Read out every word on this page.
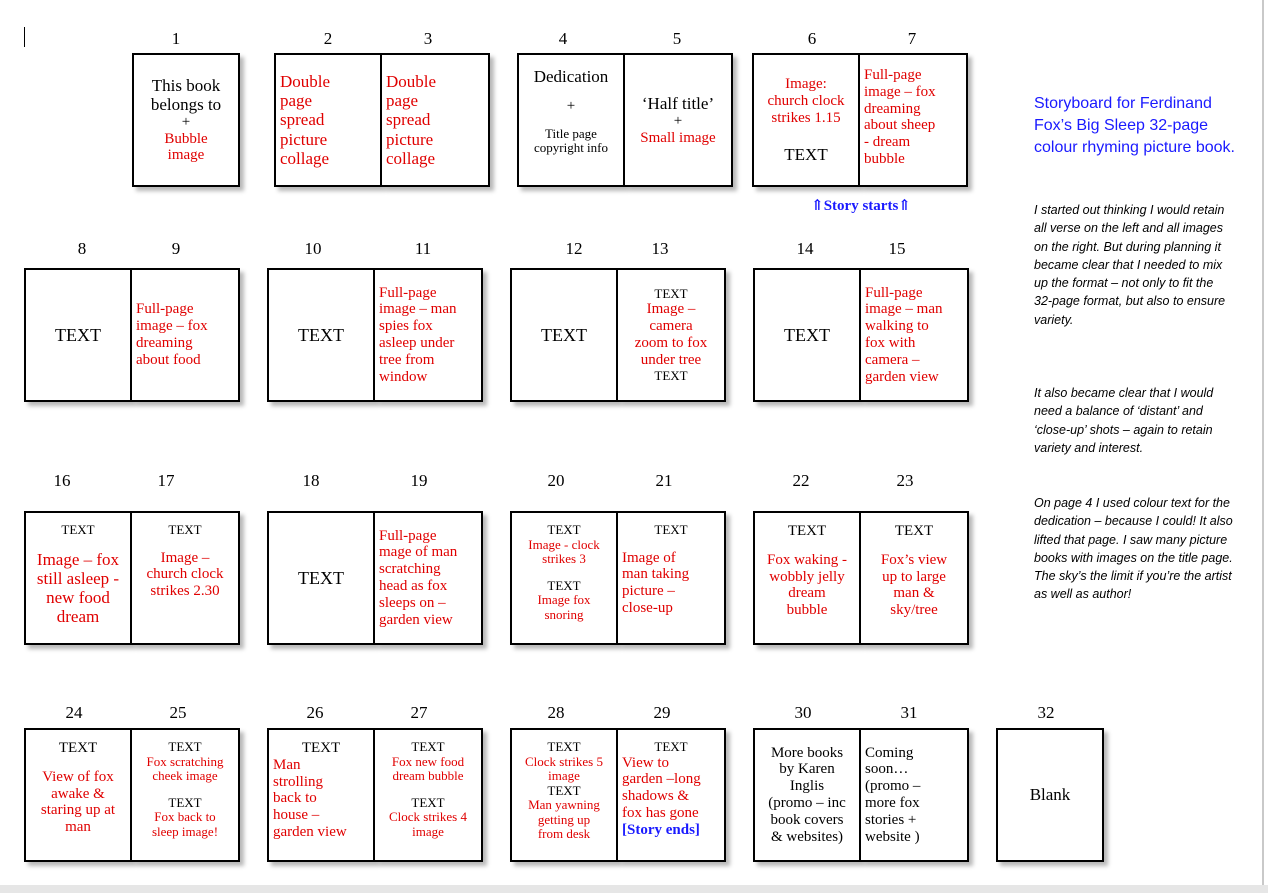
1
This book
belongs to
+
Bubble
image
2	3
Double
page
spread
picture
collage
Double
page
spread
picture
collage
4	5
Dedication
+
Title page
copyright info
‘Half title’
+
Small image
6	7
Image:
church clock
strikes 1.15
TEXT
Full-page
image – fox
dreaming
about sheep
- dream
bubble
⇑Story starts⇑
8	9
TEXT
Full-page
image – fox
dreaming
about food
10	11
TEXT
Full-page
image – man
spies fox
asleep under
tree from
window
12	13
TEXT
TEXT
Image –
camera
zoom to fox
under tree
TEXT
14	15
TEXT
Full-page
image – man
walking to
fox with
camera –
garden view
16	17
TEXT
Image – fox
still asleep -
new food
dream
TEXT
Image –
church clock
strikes 2.30
18	19
TEXT
Full-page
mage of man
scratching
head as fox
sleeps on –
garden view
20	21
TEXT
Image - clock
strikes 3
TEXT
Image fox
snoring
TEXT
Image of
man taking
picture –
close-up
22	23
TEXT
Fox waking -
wobbly jelly
dream
bubble
TEXT
Fox’s view
up to large
man &
sky/tree
24	25
TEXT
View of fox
awake &
staring up at
man
TEXT
Fox scratching
cheek image
TEXT
Fox back to
sleep image!
26	27
TEXT
Man
strolling
back to
house –
garden view
TEXT
Fox new food
dream bubble
TEXT
Clock strikes 4
image
28	29
TEXT
Clock strikes 5
image
TEXT
Man yawning
getting up
from desk
TEXT
View to
garden –long
shadows &
fox has gone
[Story ends]
30	31
More books
by Karen
Inglis
(promo – inc
book covers
& websites)
Coming
soon…
(promo –
more fox
stories +
website )
32
Blank
Storyboard for Ferdinand Fox’s Big Sleep 32-page colour rhyming picture book.
I started out thinking I would retain all verse on the left and all images on the right. But during planning it became clear that I needed to mix up the format – not only to fit the 32-page format, but also to ensure variety.
It also became clear that I would need a balance of ‘distant’ and ‘close-up’ shots – again to retain variety and interest.
On page 4 I used colour text for the dedication – because I could! It also lifted that page. I saw many picture books with images on the title page. The sky’s the limit if you’re the artist as well as author!
